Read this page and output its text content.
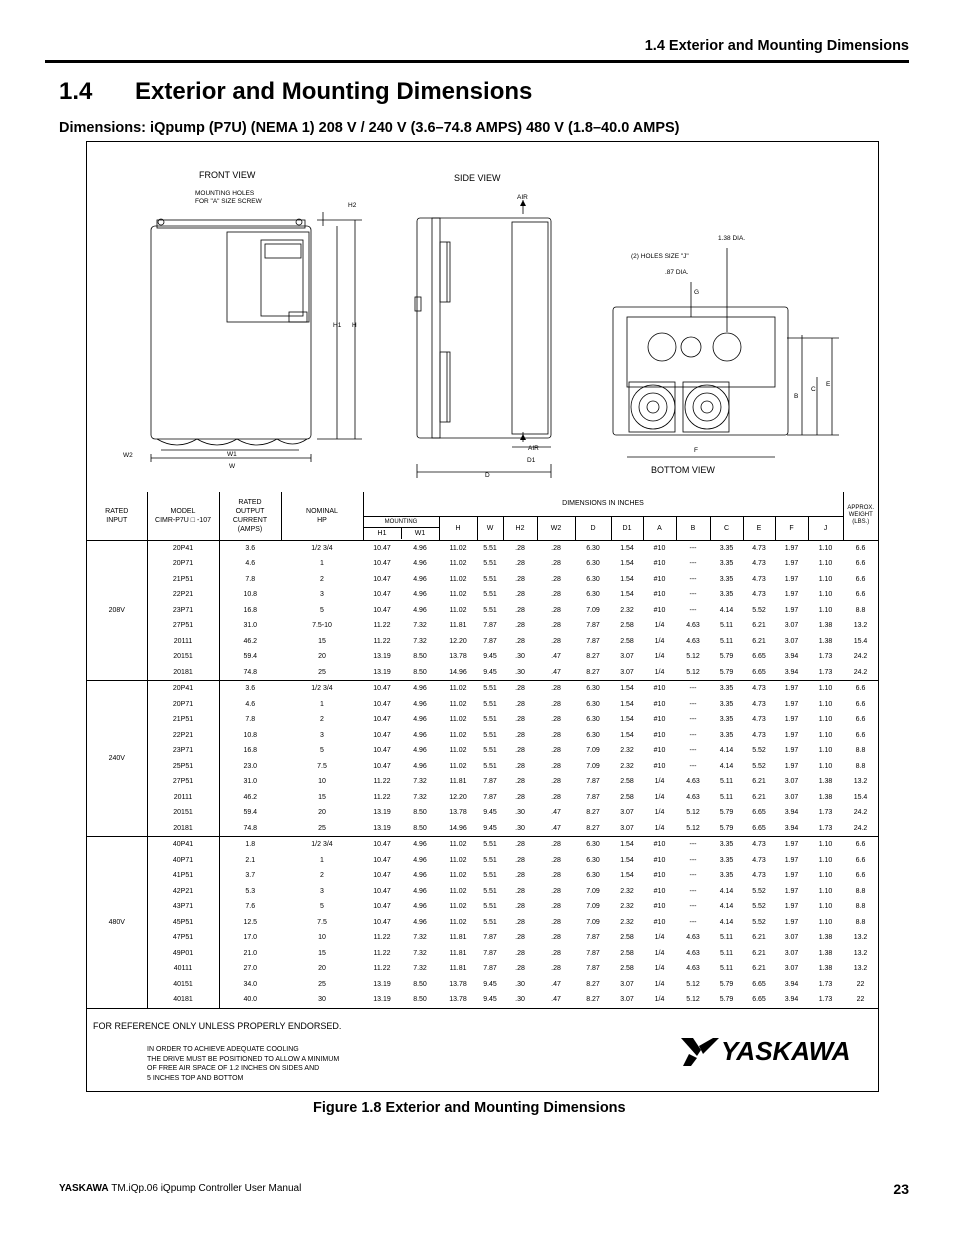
1.4 Exterior and Mounting Dimensions
1.4 Exterior and Mounting Dimensions
Dimensions: iQpump (P7U) (NEMA 1) 208 V / 240 V (3.6–74.8 AMPS) 480 V (1.8–40.0 AMPS)
FRONT VIEW
MOUNTING HOLES
FOR "A" SIZE SCREW
SIDE VIEW
BOTTOM VIEW
AIR
AIR
(2) HOLES SIZE "J"
1.38 DIA.
.87 DIA.
H2
H1 H
W2	W1
W
D
D1
F
B
C
E
G
RATED
INPUT	MODEL
CIMR-P7U □ -107	RATED
OUTPUT
CURRENT
(AMPS)	NOMINAL
HP	DIMENSIONS IN INCHES														APPROX.
WEIGHT
(LBS.)

				MOUNTING
H1 W1		H	W	H2	W2	D	D1	A	B	C	E	F	J	
208V	20P41	3.6	1/2 3/4	10.47	4.96	11.02	5.51	.28	.28	6.30	1.54	#10	---	3.35	4.73	1.97	1.10	6.6
	20P71	4.6	1	10.47	4.96	11.02	5.51	.28	.28	6.30	1.54	#10	---	3.35	4.73	1.97	1.10	6.6
	21P51	7.8	2	10.47	4.96	11.02	5.51	.28	.28	6.30	1.54	#10	---	3.35	4.73	1.97	1.10	6.6
	22P21	10.8	3	10.47	4.96	11.02	5.51	.28	.28	6.30	1.54	#10	---	3.35	4.73	1.97	1.10	6.6
	23P71	16.8	5	10.47	4.96	11.02	5.51	.28	.28	7.09	2.32	#10	---	4.14	5.52	1.97	1.10	8.8
	27P51	31.0	7.5-10	11.22	7.32	11.81	7.87	.28	.28	7.87	2.58	1/4	4.63	5.11	6.21	3.07	1.38	13.2
	20111	46.2	15	11.22	7.32	12.20	7.87	.28	.28	7.87	2.58	1/4	4.63	5.11	6.21	3.07	1.38	15.4
	20151	59.4	20	13.19	8.50	13.78	9.45	.30	.47	8.27	3.07	1/4	5.12	5.79	6.65	3.94	1.73	24.2
	20181	74.8	25	13.19	8.50	14.96	9.45	.30	.47	8.27	3.07	1/4	5.12	5.79	6.65	3.94	1.73	24.2
240V	20P41	3.6	1/2 3/4	10.47	4.96	11.02	5.51	.28	.28	6.30	1.54	#10	---	3.35	4.73	1.97	1.10	6.6
	20P71	4.6	1	10.47	4.96	11.02	5.51	.28	.28	6.30	1.54	#10	---	3.35	4.73	1.97	1.10	6.6
	21P51	7.8	2	10.47	4.96	11.02	5.51	.28	.28	6.30	1.54	#10	---	3.35	4.73	1.97	1.10	6.6
	22P21	10.8	3	10.47	4.96	11.02	5.51	.28	.28	6.30	1.54	#10	---	3.35	4.73	1.97	1.10	6.6
	23P71	16.8	5	10.47	4.96	11.02	5.51	.28	.28	7.09	2.32	#10	---	4.14	5.52	1.97	1.10	8.8
	25P51	23.0	7.5	10.47	4.96	11.02	5.51	.28	.28	7.09	2.32	#10	---	4.14	5.52	1.97	1.10	8.8
	27P51	31.0	10	11.22	7.32	11.81	7.87	.28	.28	7.87	2.58	1/4	4.63	5.11	6.21	3.07	1.38	13.2
	20111	46.2	15	11.22	7.32	12.20	7.87	.28	.28	7.87	2.58	1/4	4.63	5.11	6.21	3.07	1.38	15.4
	20151	59.4	20	13.19	8.50	13.78	9.45	.30	.47	8.27	3.07	1/4	5.12	5.79	6.65	3.94	1.73	24.2
	20181	74.8	25	13.19	8.50	14.96	9.45	.30	.47	8.27	3.07	1/4	5.12	5.79	6.65	3.94	1.73	24.2
480V	40P41	1.8	1/2 3/4	10.47	4.96	11.02	5.51	.28	.28	6.30	1.54	#10	---	3.35	4.73	1.97	1.10	6.6
	40P71	2.1	1	10.47	4.96	11.02	5.51	.28	.28	6.30	1.54	#10	---	3.35	4.73	1.97	1.10	6.6
	41P51	3.7	2	10.47	4.96	11.02	5.51	.28	.28	6.30	1.54	#10	---	3.35	4.73	1.97	1.10	6.6
	42P21	5.3	3	10.47	4.96	11.02	5.51	.28	.28	7.09	2.32	#10	---	4.14	5.52	1.97	1.10	8.8
	43P71	7.6	5	10.47	4.96	11.02	5.51	.28	.28	7.09	2.32	#10	---	4.14	5.52	1.97	1.10	8.8
	45P51	12.5	7.5	10.47	4.96	11.02	5.51	.28	.28	7.09	2.32	#10	---	4.14	5.52	1.97	1.10	8.8
	47P51	17.0	10	11.22	7.32	11.81	7.87	.28	.28	7.87	2.58	1/4	4.63	5.11	6.21	3.07	1.38	13.2
	49P01	21.0	15	11.22	7.32	11.81	7.87	.28	.28	7.87	2.58	1/4	4.63	5.11	6.21	3.07	1.38	13.2
	40111	27.0	20	11.22	7.32	11.81	7.87	.28	.28	7.87	2.58	1/4	4.63	5.11	6.21	3.07	1.38	13.2
	40151	34.0	25	13.19	8.50	13.78	9.45	.30	.47	8.27	3.07	1/4	5.12	5.79	6.65	3.94	1.73	22
	40181	40.0	30	13.19	8.50	13.78	9.45	.30	.47	8.27	3.07	1/4	5.12	5.79	6.65	3.94	1.73	22
FOR REFERENCE ONLY UNLESS PROPERLY ENDORSED.
IN ORDER TO ACHIEVE ADEQUATE COOLING
THE DRIVE MUST BE POSITIONED TO ALLOW A MINIMUM
OF FREE AIR SPACE OF 1.2 INCHES ON SIDES AND
5 INCHES TOP AND BOTTOM
YASKAWA
Figure 1.8 Exterior and Mounting Dimensions
YASKAWA TM.iQp.06 iQpump Controller User Manual	23
